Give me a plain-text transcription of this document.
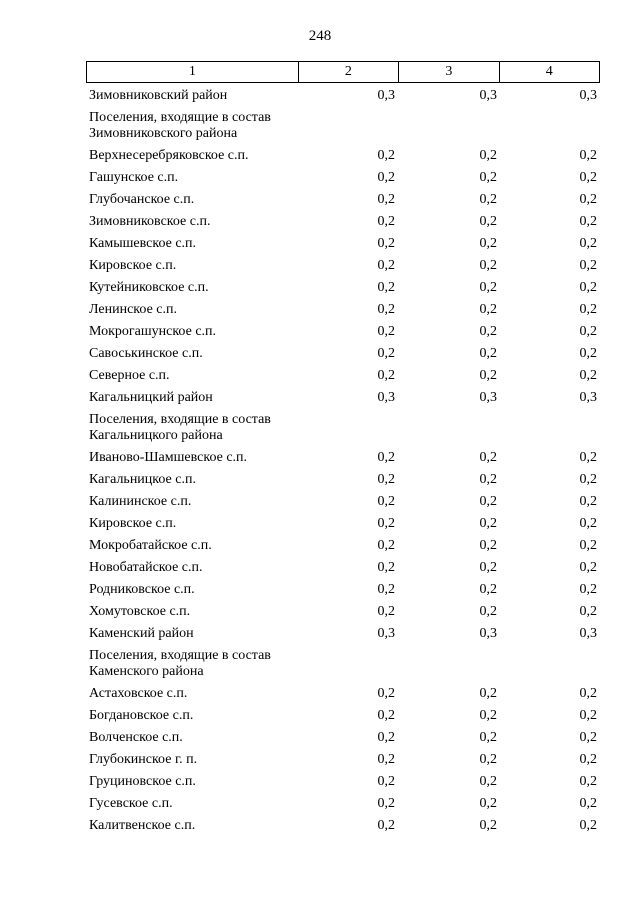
248
1	2	3	4
Зимовниковский район	0,3	0,3	0,3
Поселения, входящие в состав
Зимовниковского района
Верхнесеребряковское с.п.	0,2	0,2	0,2
Гашунское с.п.	0,2	0,2	0,2
Глубочанское с.п.	0,2	0,2	0,2
Зимовниковское с.п.	0,2	0,2	0,2
Камышевское с.п.	0,2	0,2	0,2
Кировское с.п.	0,2	0,2	0,2
Кутейниковское с.п.	0,2	0,2	0,2
Ленинское с.п.	0,2	0,2	0,2
Мокрогашунское с.п.	0,2	0,2	0,2
Савоськинское с.п.	0,2	0,2	0,2
Северное с.п.	0,2	0,2	0,2
Кагальницкий район	0,3	0,3	0,3
Поселения, входящие в состав
Кагальницкого района
Иваново-Шамшевское с.п.	0,2	0,2	0,2
Кагальницкое с.п.	0,2	0,2	0,2
Калининское с.п.	0,2	0,2	0,2
Кировское с.п.	0,2	0,2	0,2
Мокробатайское с.п.	0,2	0,2	0,2
Новобатайское с.п.	0,2	0,2	0,2
Родниковское с.п.	0,2	0,2	0,2
Хомутовское с.п.	0,2	0,2	0,2
Каменский район	0,3	0,3	0,3
Поселения, входящие в состав
Каменского района
Астаховское с.п.	0,2	0,2	0,2
Богдановское с.п.	0,2	0,2	0,2
Волченское с.п.	0,2	0,2	0,2
Глубокинское г. п.	0,2	0,2	0,2
Груциновское с.п.	0,2	0,2	0,2
Гусевское с.п.	0,2	0,2	0,2
Калитвенское с.п.	0,2	0,2	0,2
